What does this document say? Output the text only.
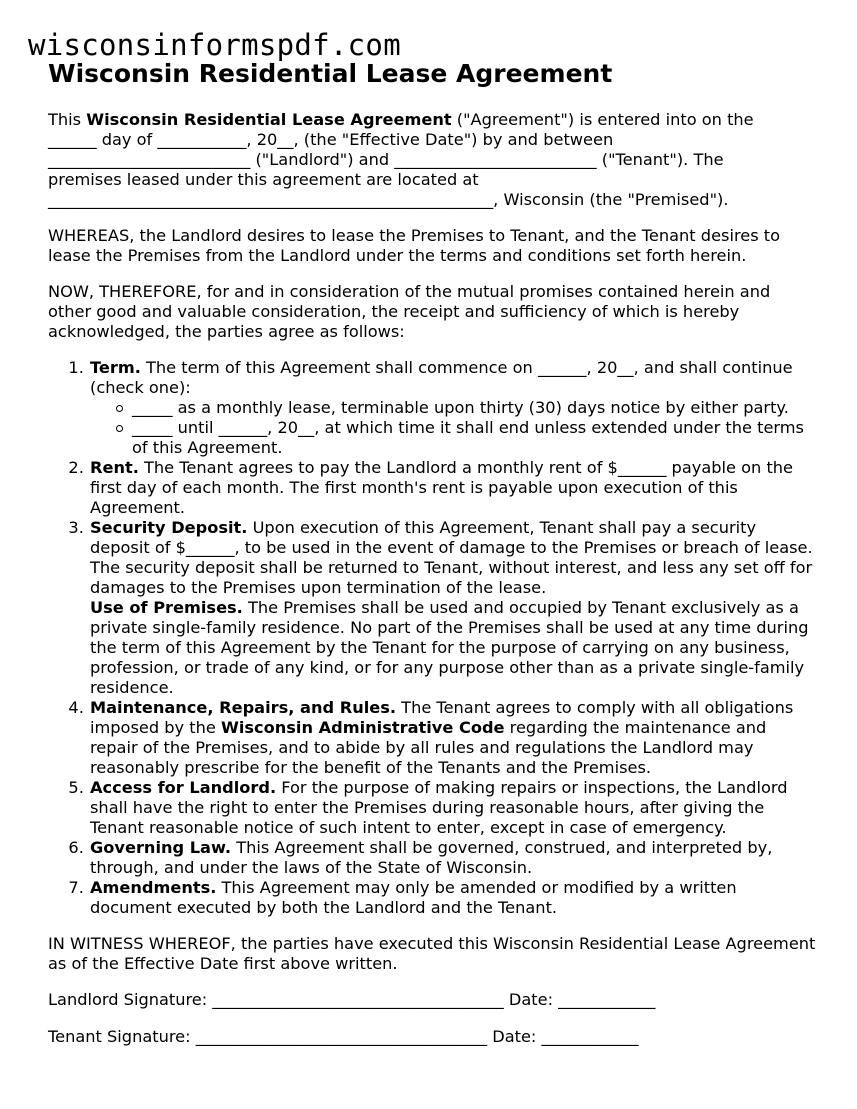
wisconsinformspdf.com
Wisconsin Residential Lease Agreement

This Wisconsin Residential Lease Agreement ("Agreement") is entered into on the
______ day of ___________, 20__, (the "Effective Date") by and between
_________________________ ("Landlord") and _________________________ ("Tenant"). The
premises leased under this agreement are located at
_______________________________________________________, Wisconsin (the "Premised").

WHEREAS, the Landlord desires to lease the Premises to Tenant, and the Tenant desires to lease the Premises from the Landlord under the terms and conditions set forth herein.

NOW, THEREFORE, for and in consideration of the mutual promises contained herein and other good and valuable consideration, the receipt and sufficiency of which is hereby acknowledged, the parties agree as follows:

1. Term. The term of this Agreement shall commence on ______, 20__, and shall continue (check one):
_____ as a monthly lease, terminable upon thirty (30) days notice by either party.
_____ until ______, 20__, at which time it shall end unless extended under the terms of this Agreement.
2. Rent. The Tenant agrees to pay the Landlord a monthly rent of $______ payable on the first day of each month. The first month's rent is payable upon execution of this Agreement.
3. Security Deposit. Upon execution of this Agreement, Tenant shall pay a security deposit of $______, to be used in the event of damage to the Premises or breach of lease. The security deposit shall be returned to Tenant, without interest, and less any set off for damages to the Premises upon termination of the lease.
Use of Premises. The Premises shall be used and occupied by Tenant exclusively as a private single-family residence. No part of the Premises shall be used at any time during the term of this Agreement by the Tenant for the purpose of carrying on any business, profession, or trade of any kind, or for any purpose other than as a private single-family residence.
4. Maintenance, Repairs, and Rules. The Tenant agrees to comply with all obligations imposed by the Wisconsin Administrative Code regarding the maintenance and repair of the Premises, and to abide by all rules and regulations the Landlord may reasonably prescribe for the benefit of the Tenants and the Premises.
5. Access for Landlord. For the purpose of making repairs or inspections, the Landlord shall have the right to enter the Premises during reasonable hours, after giving the Tenant reasonable notice of such intent to enter, except in case of emergency.
6. Governing Law. This Agreement shall be governed, construed, and interpreted by, through, and under the laws of the State of Wisconsin.
7. Amendments. This Agreement may only be amended or modified by a written document executed by both the Landlord and the Tenant.

IN WITNESS WHEREOF, the parties have executed this Wisconsin Residential Lease Agreement as of the Effective Date first above written.

Landlord Signature: ____________________________________ Date: ____________

Tenant Signature: ____________________________________ Date: ____________
